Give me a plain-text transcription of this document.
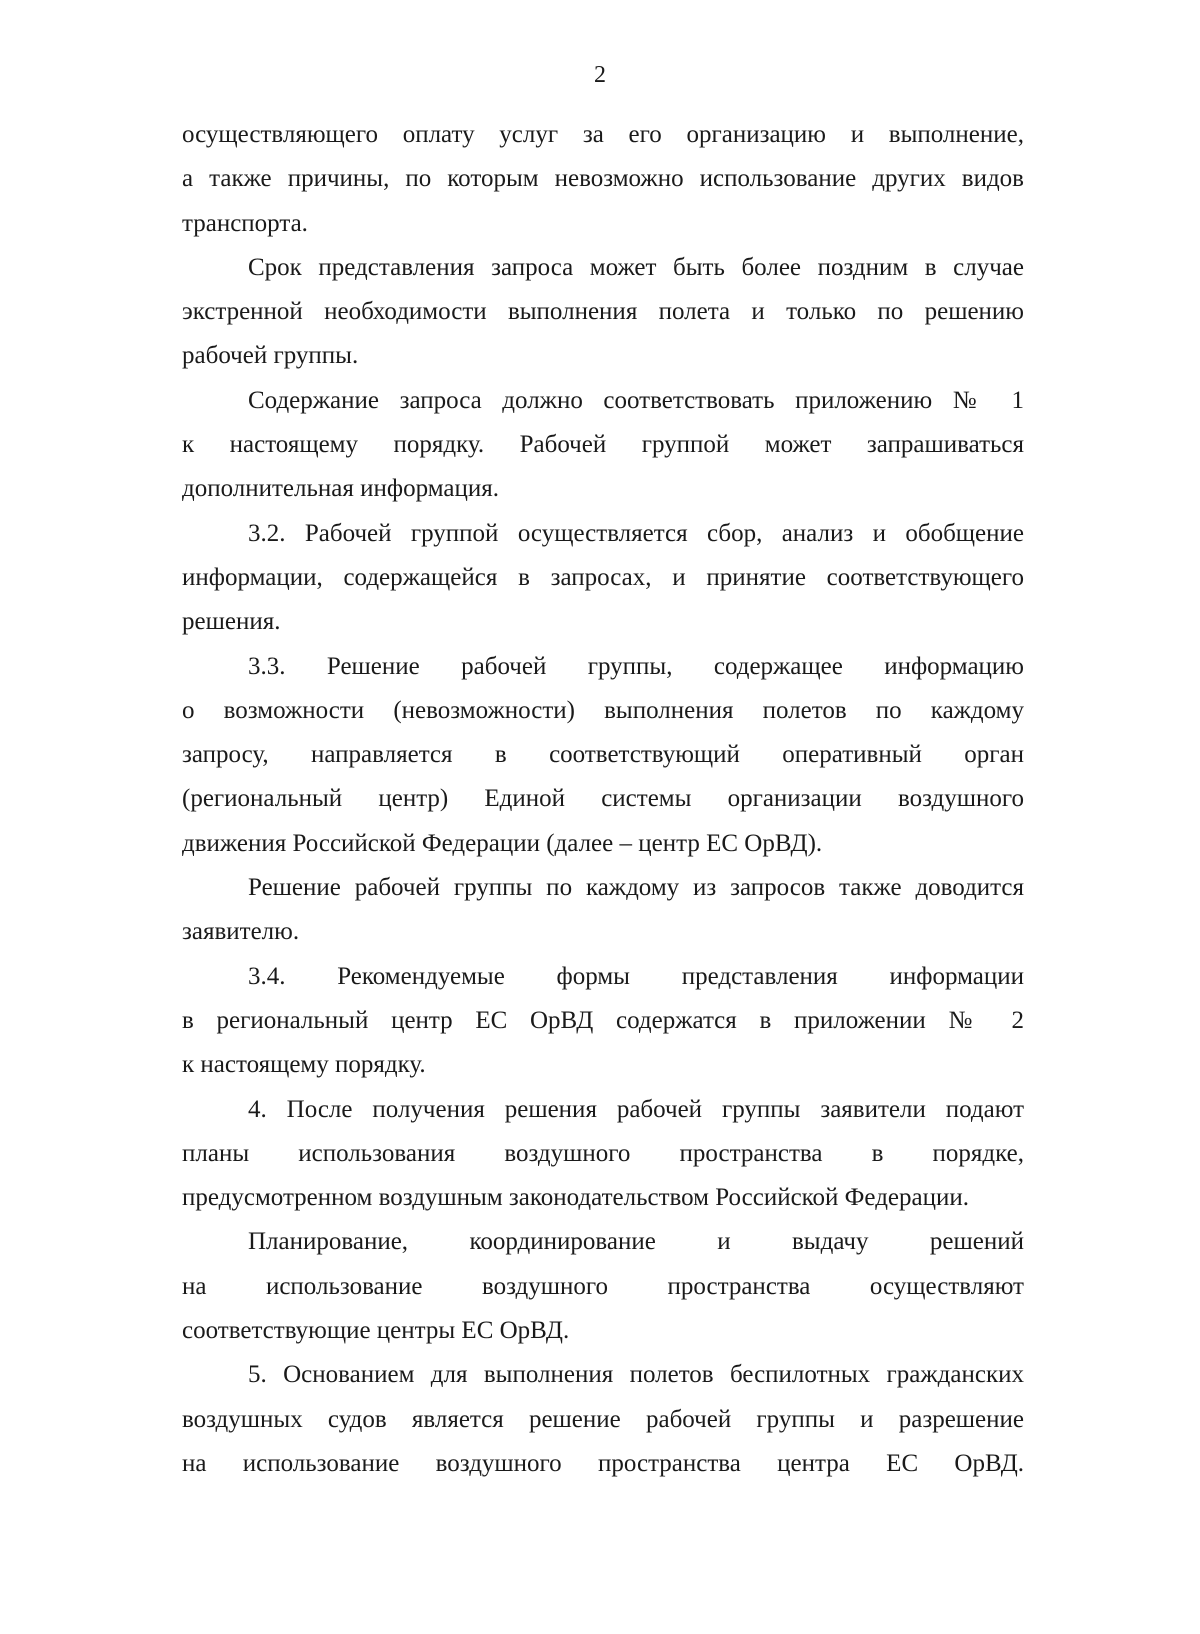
2
осуществляющего оплату услуг за его организацию и выполнение,
а также причины, по которым невозможно использование других видов
транспорта.
Срок представления запроса может быть более поздним в случае
экстренной необходимости выполнения полета и только по решению
рабочей группы.
Содержание запроса должно соответствовать приложению № 1
к настоящему порядку. Рабочей группой может запрашиваться
дополнительная информация.
3.2. Рабочей группой осуществляется сбор, анализ и обобщение
информации, содержащейся в запросах, и принятие соответствующего
решения.
3.3. Решение рабочей группы, содержащее информацию
о возможности (невозможности) выполнения полетов по каждому
запросу, направляется в соответствующий оперативный орган
(региональный центр) Единой системы организации воздушного
движения Российской Федерации (далее – центр ЕС ОрВД).
Решение рабочей группы по каждому из запросов также доводится
заявителю.
3.4. Рекомендуемые формы представления информации
в региональный центр ЕС ОрВД содержатся в приложении № 2
к настоящему порядку.
4. После получения решения рабочей группы заявители подают
планы использования воздушного пространства в порядке,
предусмотренном воздушным законодательством Российской Федерации.
Планирование, координирование и выдачу решений
на использование воздушного пространства осуществляют
соответствующие центры ЕС ОрВД.
5. Основанием для выполнения полетов беспилотных гражданских
воздушных судов является решение рабочей группы и разрешение
на использование воздушного пространства центра ЕС ОрВД.
